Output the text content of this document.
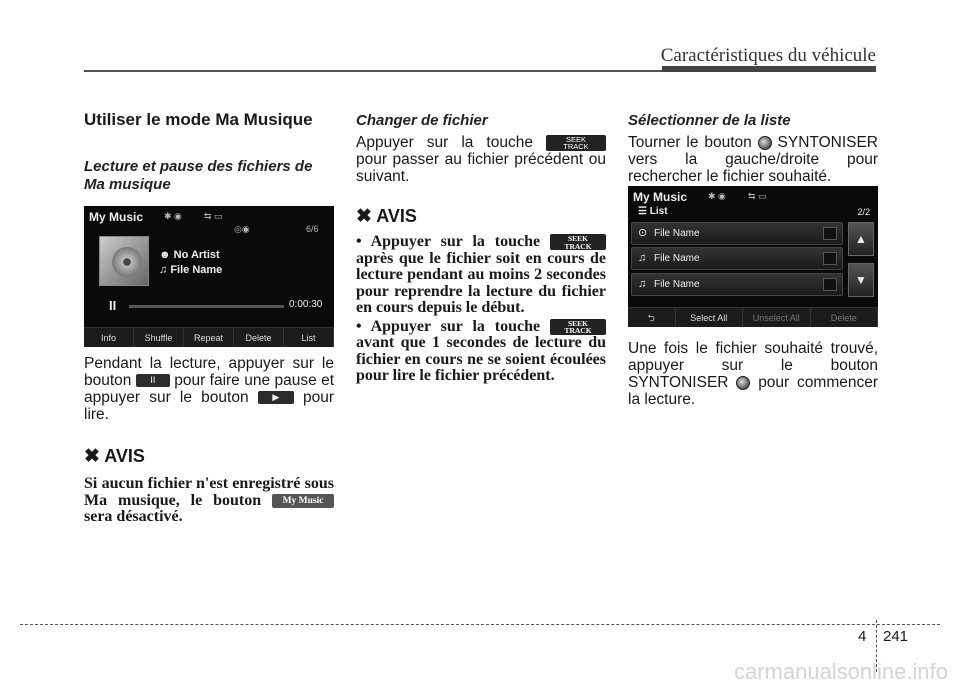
Caractéristiques du véhicule
Utiliser le mode Ma Musique
Lecture et pause des fichiers de Ma musique
My Music ✱ ◉ ⇆ ▭
◎◉	6/6
☻ No Artist
♫ File Name
II	0:00:30
Info	Shuffle	Repeat	Delete	List

Pendant la lecture, appuyer sur le bouton II pour faire une pause et appuyer sur le bouton	▶ pour lire.

✖ AVIS

Si aucun fichier n'est enregistré sous Ma musique, le bouton My Music sera désactivé.

Changer de fichier

Appuyer sur la touche	SEEK
TRACK pour passer au fichier précédent ou suivant.

✖ AVIS

• Appuyer sur la touche	SEEK
TRACK après que le fichier soit en cours de lecture pendant au moins 2 secondes pour reprendre la lecture du fichier en cours depuis le début.

• Appuyer sur la touche	SEEK
TRACK avant que 1 secondes de lecture du fichier en cours ne se soient écoulées pour lire le fichier précédent.

Sélectionner de la liste

Tourner le bouton SYNTONISER vers la gauche/droite pour rechercher le fichier souhaité.

My Music ✱ ◉ ⇆ ▭
☰ List	2/2
⊙ File Name
♫ File Name
♫ File Name
▲
▼
⮌	Select All	Unselect All	Delete

Une fois le fichier souhaité trouvé, appuyer sur le bouton SYNTONISER pour commencer la lecture.

4 241
carmanualsonline.info
